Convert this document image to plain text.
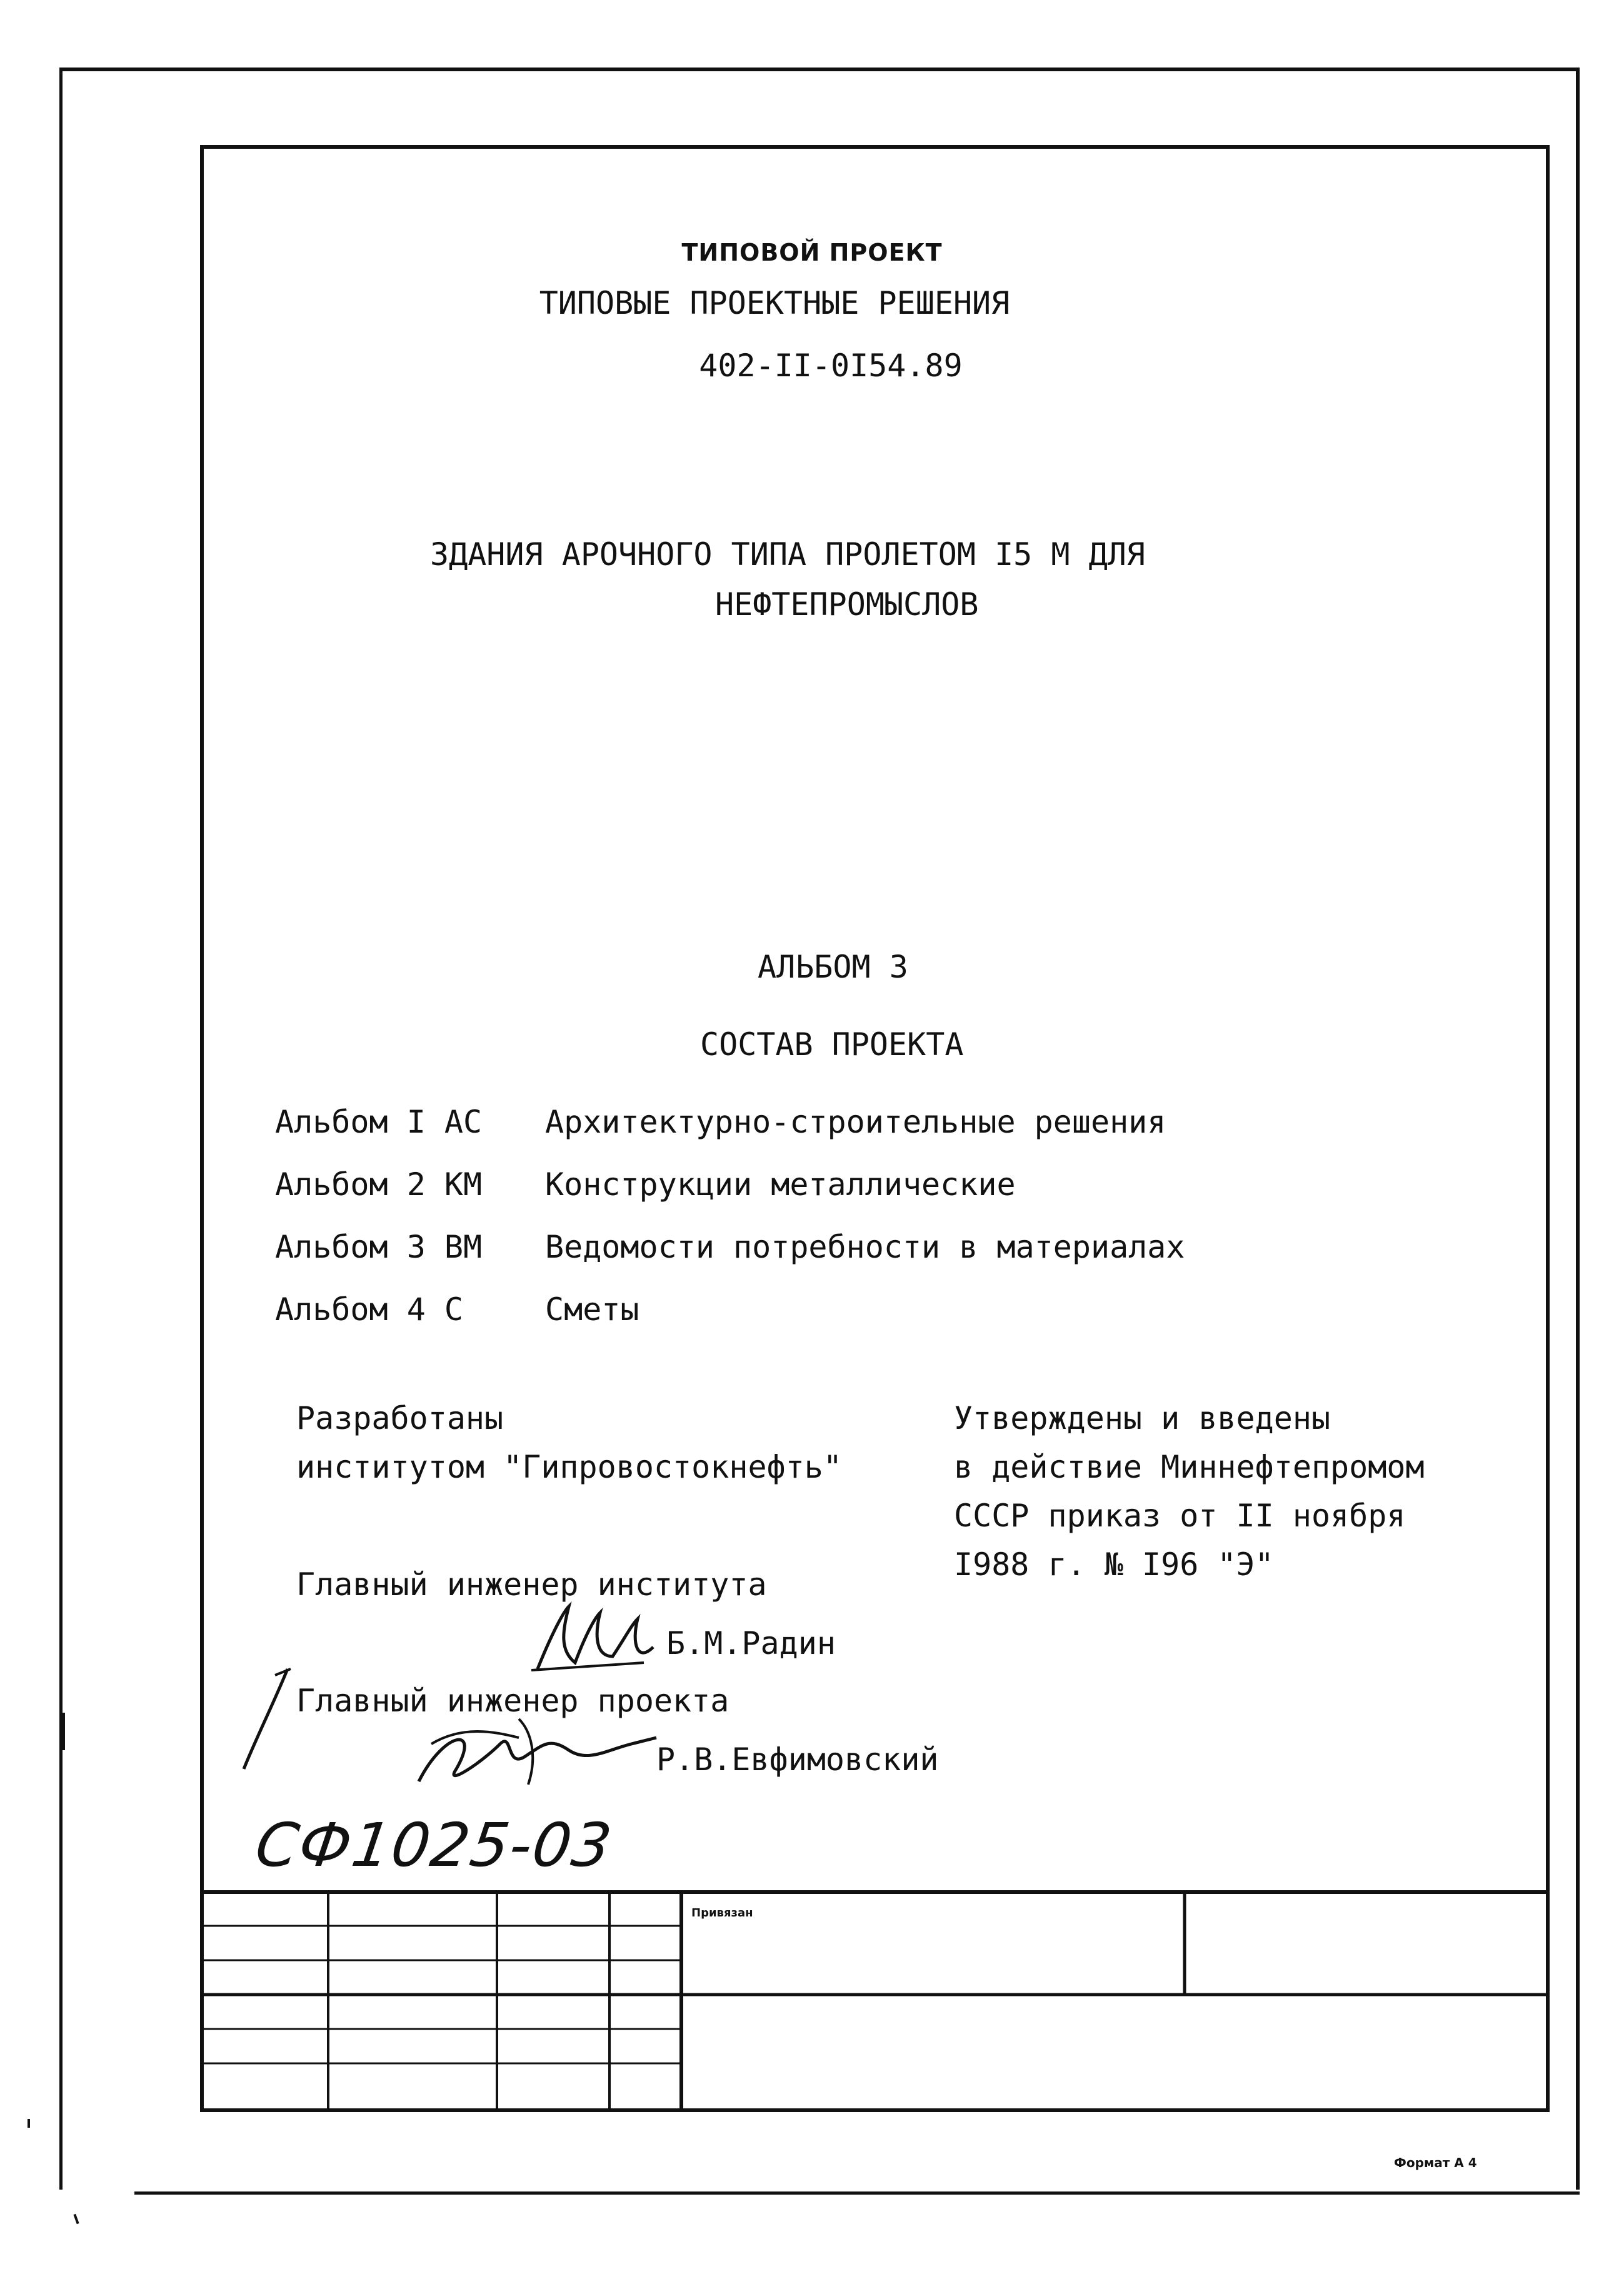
ТИПОВОЙ ПРОЕКТ
ТИПОВЫЕ ПРОЕКТНЫЕ РЕШЕНИЯ
402-II-0I54.89
ЗДАНИЯ АРОЧНОГО ТИПА ПРОЛЕТОМ I5 М ДЛЯ
НЕФТЕПРОМЫСЛОВ
АЛЬБОМ 3
СОСТАВ ПРОЕКТА
Альбом I АС Архитектурно-строительные решения
Альбом 2 КМ Конструкции металлические
Альбом 3 ВМ Ведомости потребности в материалах
Альбом 4 С	Сметы
Разработаны
институтом "Гипровостокнефть"
Утверждены и введены
в действие Миннефтепромом
СССР приказ от II ноября
I988 г. № I96 "Э"
Главный инженер института
Б.М.Радин
Главный инженер проекта
Р.В.Евфимовский
СФ1025-03
Привязан
Формат А 4
